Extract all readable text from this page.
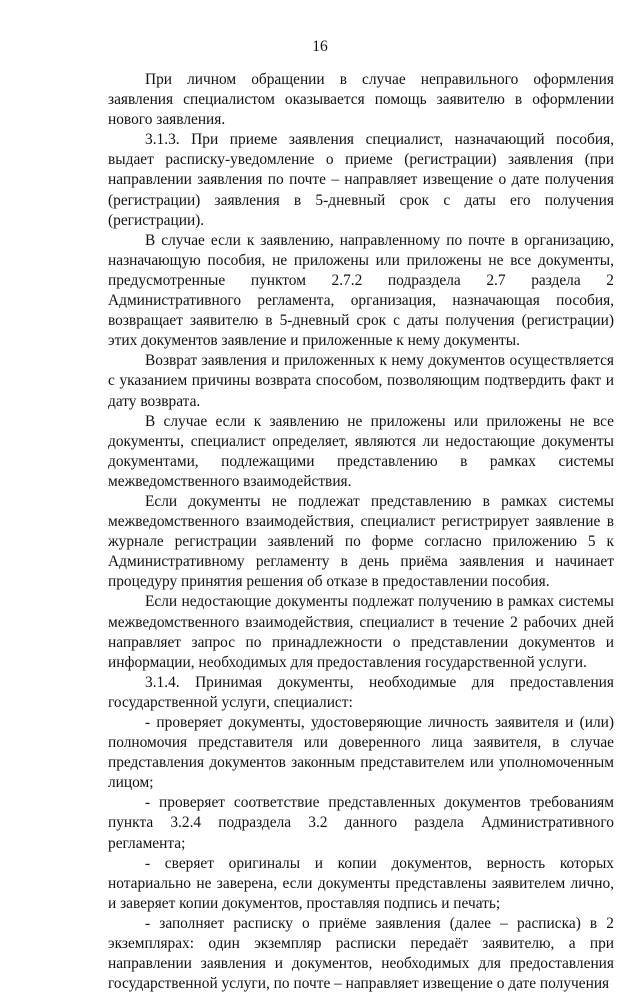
16

При личном обращении в случае неправильного оформления заявления специалистом оказывается помощь заявителю в оформлении нового заявления.

3.1.3. При приеме заявления специалист, назначающий пособия, выдает расписку-уведомление о приеме (регистрации) заявления (при направлении заявления по почте – направляет извещение о дате получения (регистрации) заявления в 5-дневный срок с даты его получения (регистрации).

В случае если к заявлению, направленному по почте в организацию, назначающую пособия, не приложены или приложены не все документы, предусмотренные пунктом 2.7.2 подраздела 2.7 раздела 2 Административного регламента, организация, назначающая пособия, возвращает заявителю в 5-дневный срок с даты получения (регистрации) этих документов заявление и приложенные к нему документы.

Возврат заявления и приложенных к нему документов осуществляется с указанием причины возврата способом, позволяющим подтвердить факт и дату возврата.

В случае если к заявлению не приложены или приложены не все документы, специалист определяет, являются ли недостающие документы документами, подлежащими представлению в рамках системы межведомственного взаимодействия.

Если документы не подлежат представлению в рамках системы межведомственного взаимодействия, специалист регистрирует заявление в журнале регистрации заявлений по форме согласно приложению 5 к Административному регламенту в день приёма заявления и начинает процедуру принятия решения об отказе в предоставлении пособия.

Если недостающие документы подлежат получению в рамках системы межведомственного взаимодействия, специалист в течение 2 рабочих дней направляет запрос по принадлежности о представлении документов и информации, необходимых для предоставления государственной услуги.

3.1.4. Принимая документы, необходимые для предоставления государственной услуги, специалист:

- проверяет документы, удостоверяющие личность заявителя и (или) полномочия представителя или доверенного лица заявителя, в случае представления документов законным представителем или уполномоченным лицом;

- проверяет соответствие представленных документов требованиям пункта 3.2.4 подраздела 3.2 данного раздела Административного регламента;

- сверяет оригиналы и копии документов, верность которых нотариально не заверена, если документы представлены заявителем лично, и заверяет копии документов, проставляя подпись и печать;

- заполняет расписку о приёме заявления (далее – расписка) в 2 экземплярах: один экземпляр расписки передаёт заявителю, а при направлении заявления и документов, необходимых для предоставления государственной услуги, по почте – направляет извещение о дате получения
